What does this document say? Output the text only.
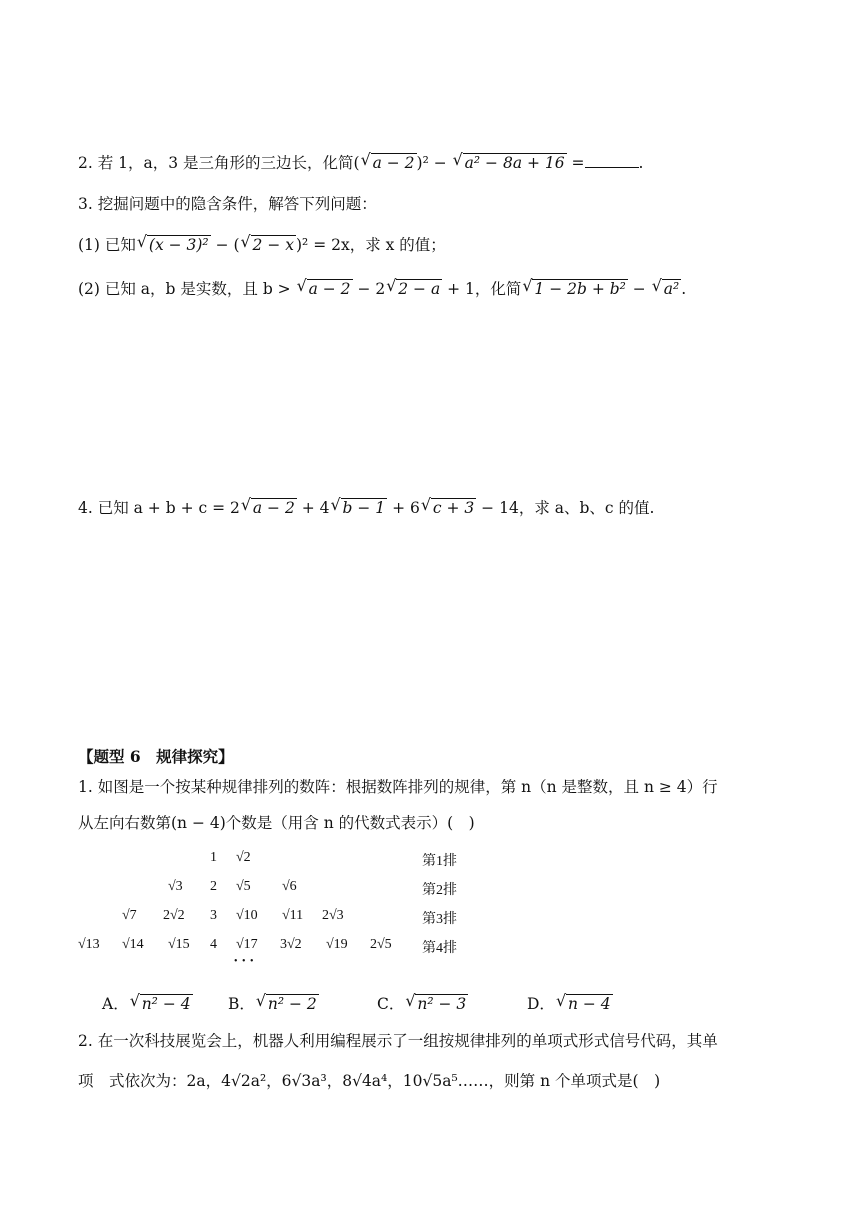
2. 若 1，a，3 是三角形的三边长，化简( √ a − 2 )² − √ a² − 8a + 16 =	.
3. 挖掘问题中的隐含条件，解答下列问题：
(1) 已知 √ (x − 3)² − ( √ 2 − x )² = 2x，求 x 的值；
(2) 已知 a，b 是实数，且 b > √ a − 2 − 2 √ 2 − a + 1，化简 √ 1 − 2b + b² − √ a² .
4. 已知 a + b + c = 2 √ a − 2 + 4 √ b − 1 + 6 √ c + 3 − 14，求 a、b、c 的值.
【题型 6　规律探究】
1. 如图是一个按某种规律排列的数阵：根据数阵排列的规律，第 n（n 是整数，且 n ≥ 4）行
从左向右数第(n − 4)个数是（用含 n 的代数式表示）(　)
1 √2	第1排
√3 2 √5 √6	第2排
√7 2√2 3 √10 √11 2√3	第3排
√13 √14 √15 4 √17 3√2 √19 2√5 第4排
• • •
A． √ n² − 4 B． √ n² − 2	C． √ n² − 3	D． √ n − 4
2. 在一次科技展览会上，机器人利用编程展示了一组按规律排列的单项式形式信号代码，其单
项　式依次为：2a，4√2a²，6√3a³，8√4a⁴，10√5a⁵……，则第 n 个单项式是(　)
